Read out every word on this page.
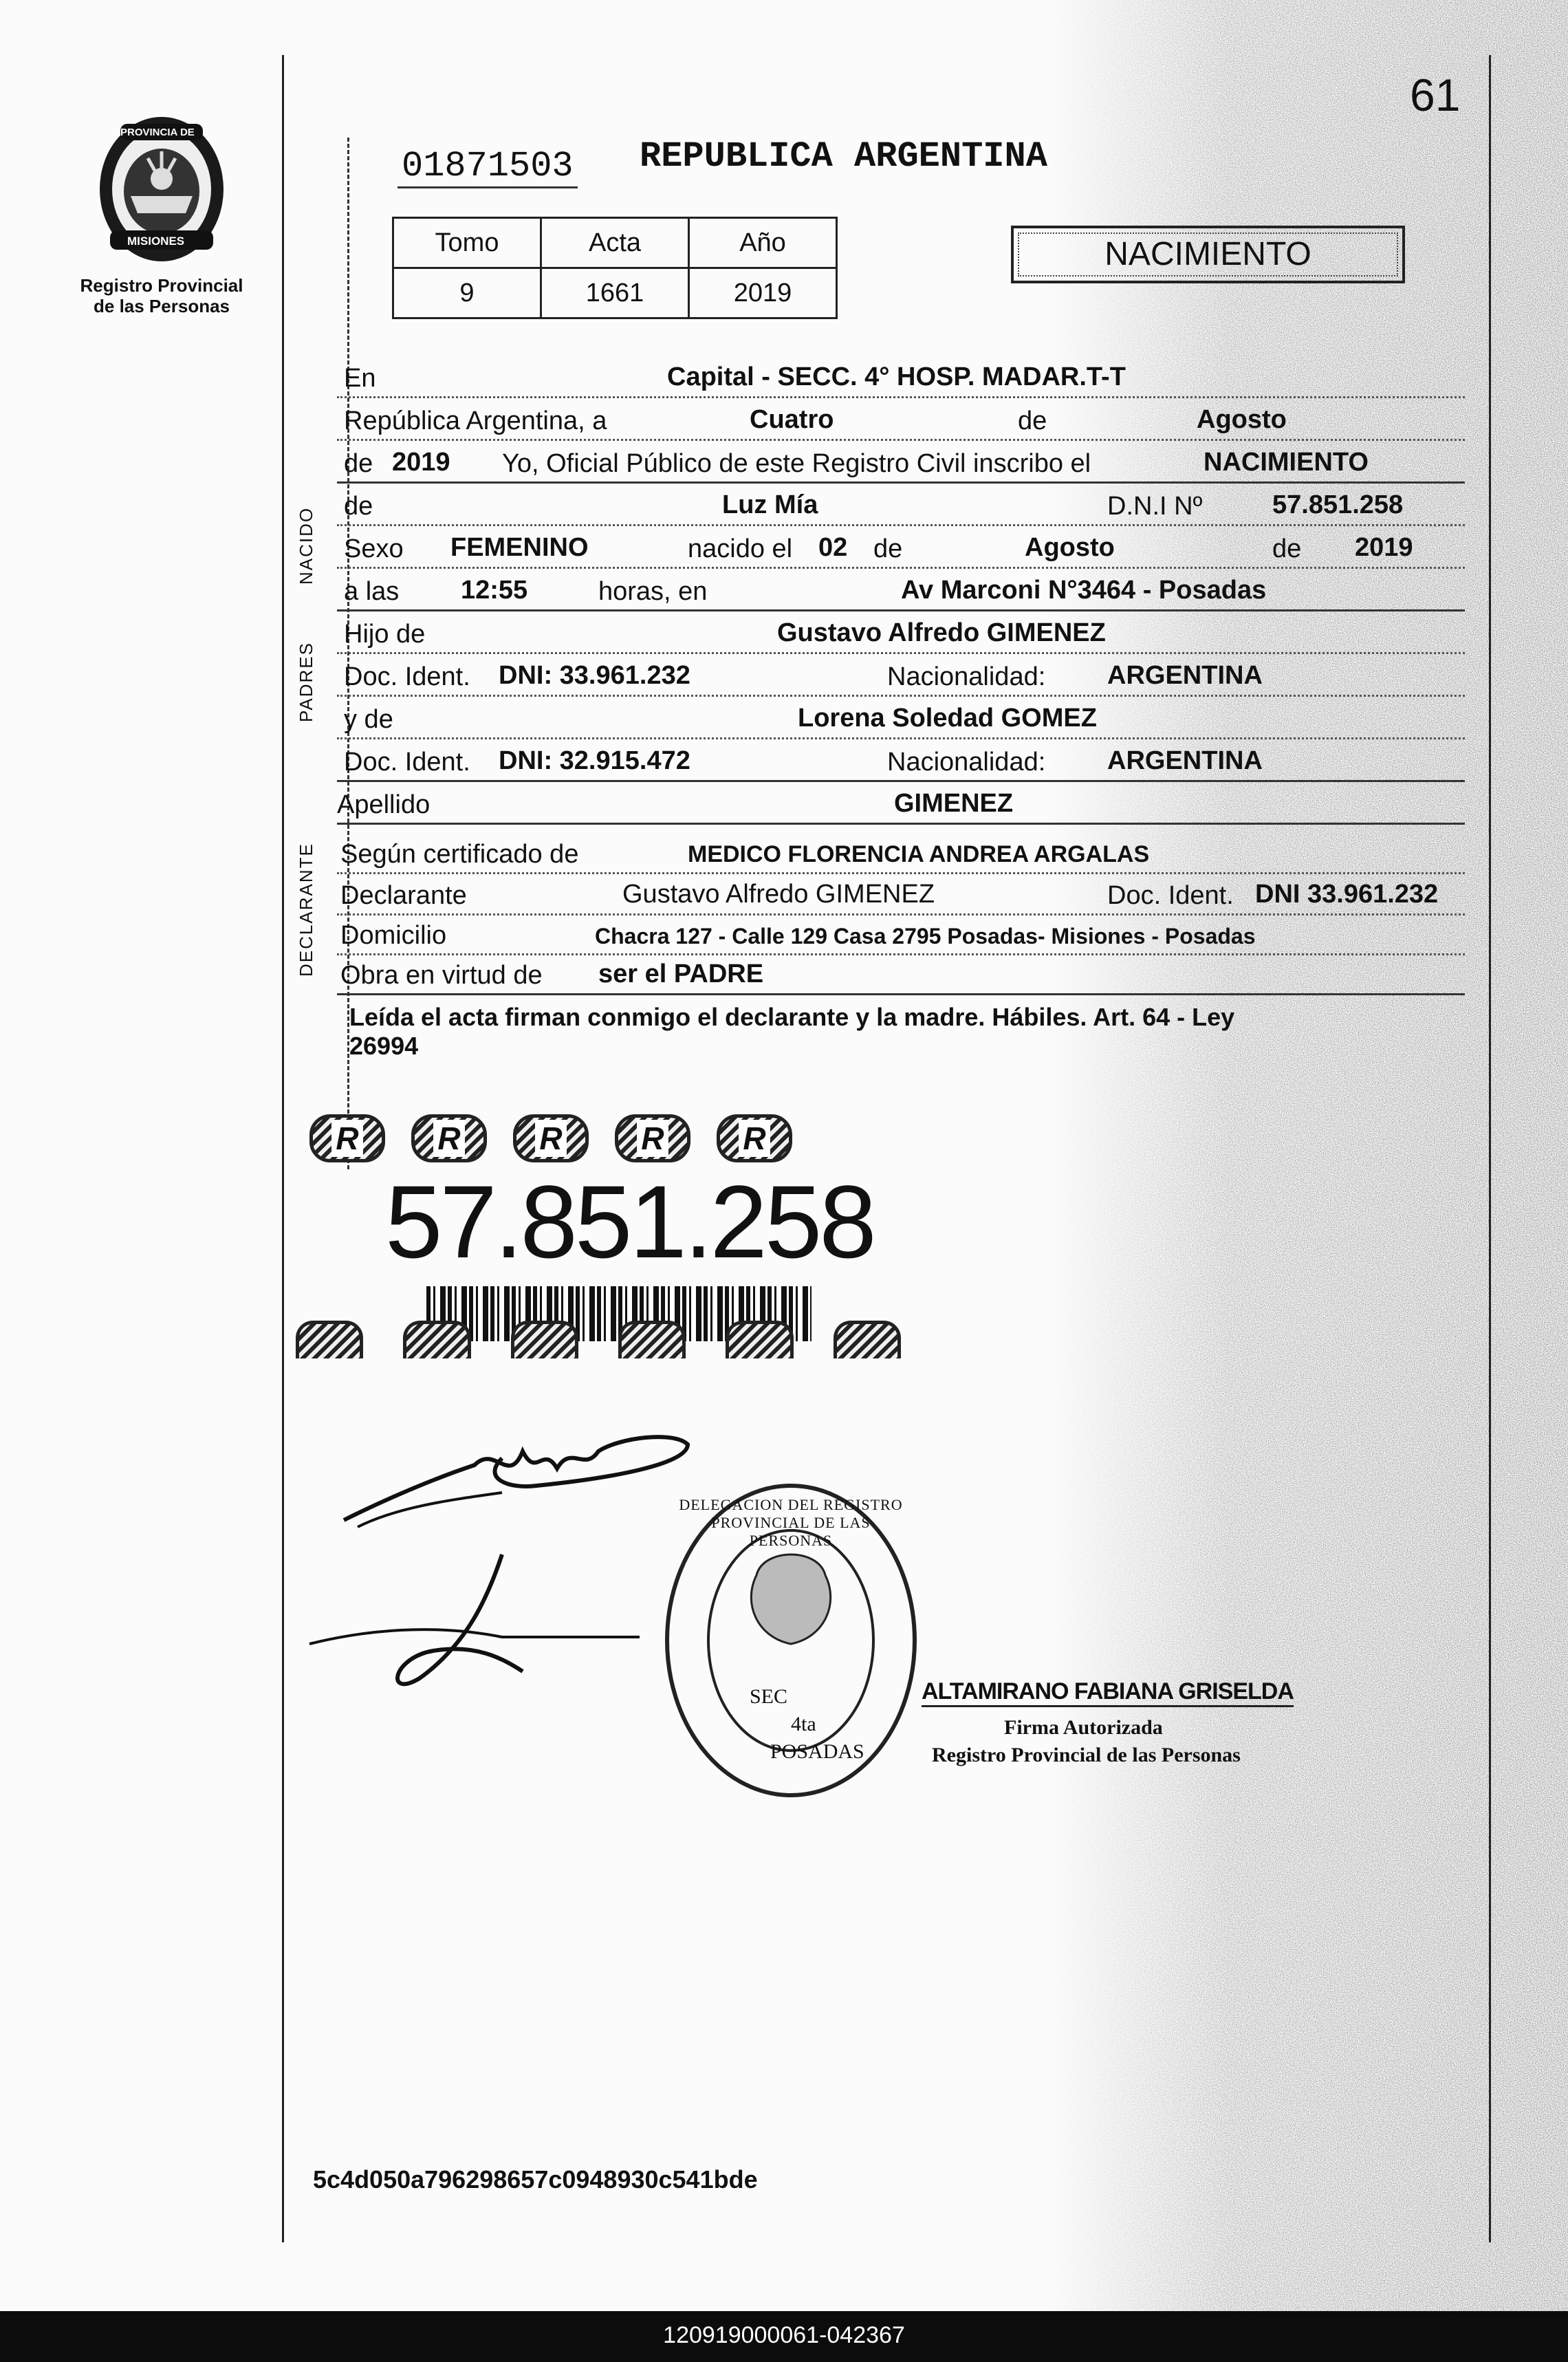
PROVINCIA DE
MISIONES
Registro Provincial
de las Personas
61
01871503 REPUBLICA ARGENTINA
Tomo	Acta	Año
9	1661	2019
NACIMIENTO
En	Capital - SECC. 4° HOSP. MADAR.T-T
República Argentina, a	Cuatro	de	Agosto
de 2019 Yo, Oficial Público de este Registro Civil inscribo el	NACIMIENTO
NACIDO
de	Luz Mía	D.N.I Nº	57.851.258
Sexo FEMENINO	nacido el 02 de	Agosto	de 2019
a las 12:55	horas, en	Av Marconi N°3464 - Posadas
PADRES
Hijo de	Gustavo Alfredo GIMENEZ
Doc. Ident. DNI: 33.961.232	Nacionalidad: ARGENTINA
y de	Lorena Soledad GOMEZ
Doc. Ident. DNI: 32.915.472	Nacionalidad: ARGENTINA
Apellido	GIMENEZ
DECLARANTE Según certificado de	MEDICO FLORENCIA ANDREA ARGALAS
Declarante	Gustavo Alfredo GIMENEZ	Doc. Ident. DNI 33.961.232
Domicilio	Chacra 127 - Calle 129 Casa 2795 Posadas- Misiones - Posadas
Obra en virtud de ser el PADRE
Leída el acta firman conmigo el declarante y la madre. Hábiles. Art. 64 - Ley
26994
R R R R R
57.851.258
DELEGACION DEL REGISTRO PROVINCIAL DE LAS PERSONAS
SEC
4ta
POSADAS
ALTAMIRANO FABIANA GRISELDA
Firma Autorizada
Registro Provincial de las Personas
5c4d050a796298657c0948930c541bde
120919000061-042367
